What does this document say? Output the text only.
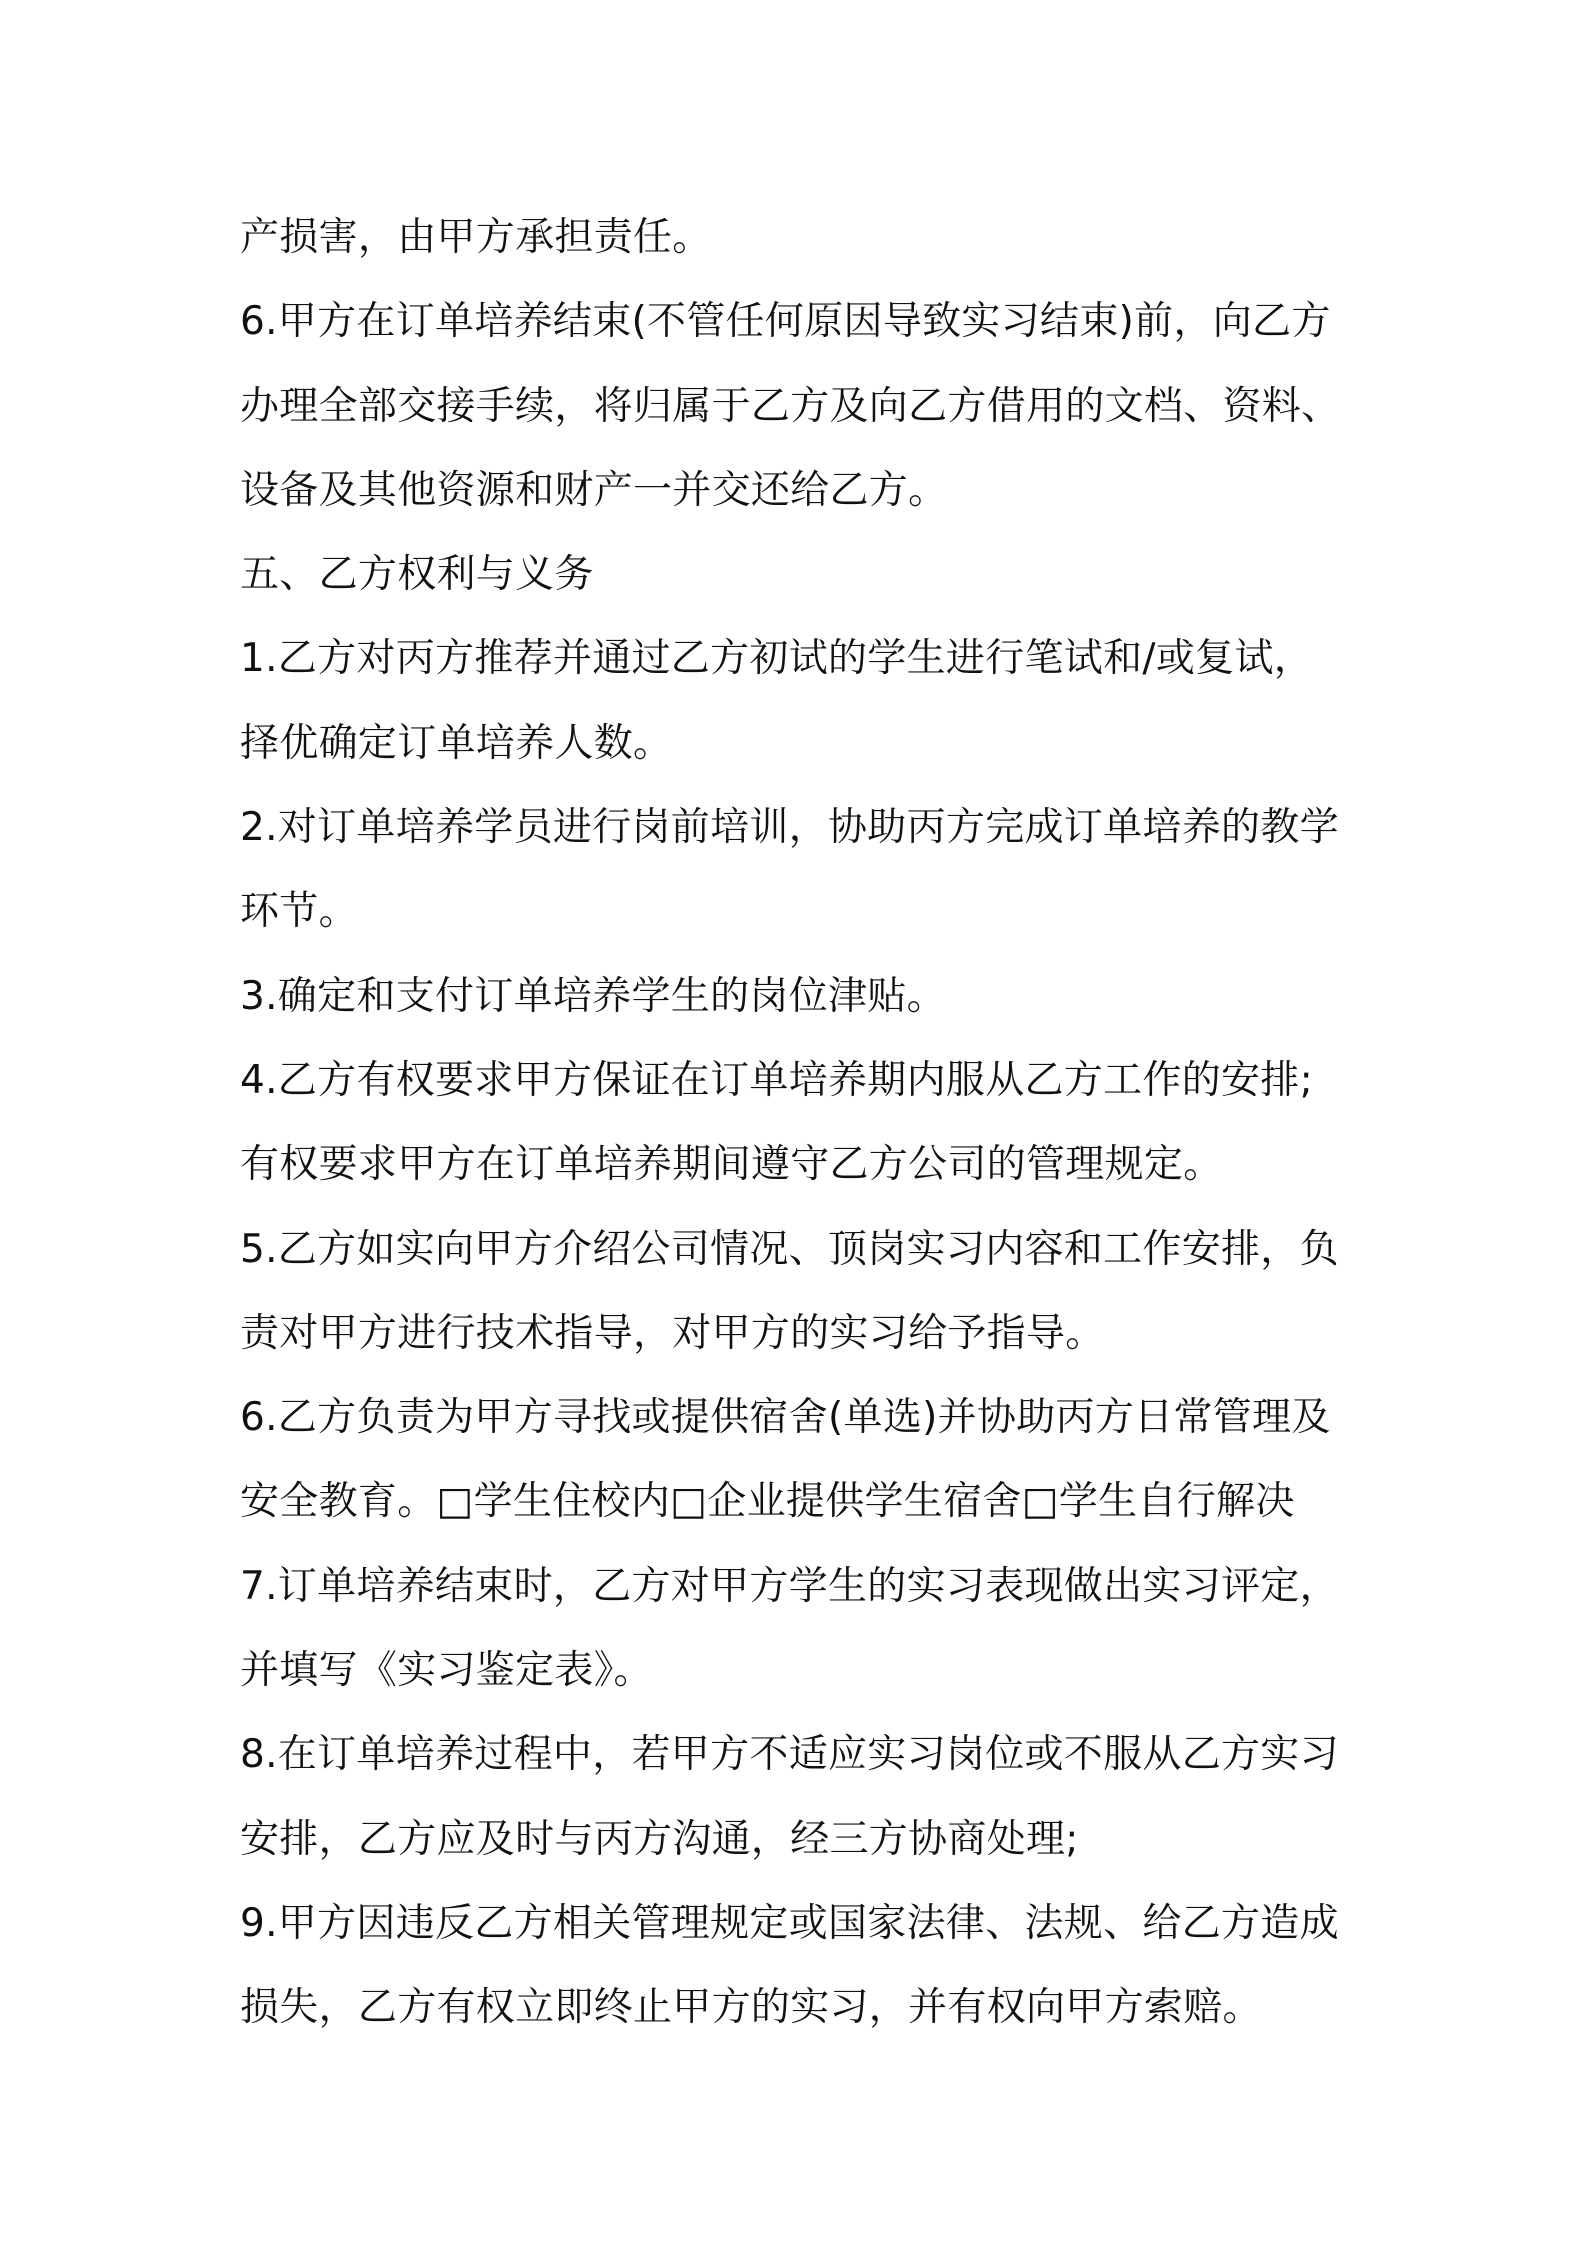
产损害，由甲方承担责任。
6.甲方在订单培养结束(不管任何原因导致实习结束)前，向乙方
办理全部交接手续，将归属于乙方及向乙方借用的文档、资料、
设备及其他资源和财产一并交还给乙方。
五、乙方权利与义务
1.乙方对丙方推荐并通过乙方初试的学生进行笔试和/或复试，
择优确定订单培养人数。
2.对订单培养学员进行岗前培训，协助丙方完成订单培养的教学
环节。
3.确定和支付订单培养学生的岗位津贴。
4.乙方有权要求甲方保证在订单培养期内服从乙方工作的安排;
有权要求甲方在订单培养期间遵守乙方公司的管理规定。
5.乙方如实向甲方介绍公司情况、顶岗实习内容和工作安排，负
责对甲方进行技术指导，对甲方的实习给予指导。
6.乙方负责为甲方寻找或提供宿舍(单选)并协助丙方日常管理及
安全教育。□学生住校内□企业提供学生宿舍□学生自行解决
7.订单培养结束时，乙方对甲方学生的实习表现做出实习评定，
并填写《实习鉴定表》。
8.在订单培养过程中，若甲方不适应实习岗位或不服从乙方实习
安排，乙方应及时与丙方沟通，经三方协商处理;
9.甲方因违反乙方相关管理规定或国家法律、法规、给乙方造成
损失，乙方有权立即终止甲方的实习，并有权向甲方索赔。
